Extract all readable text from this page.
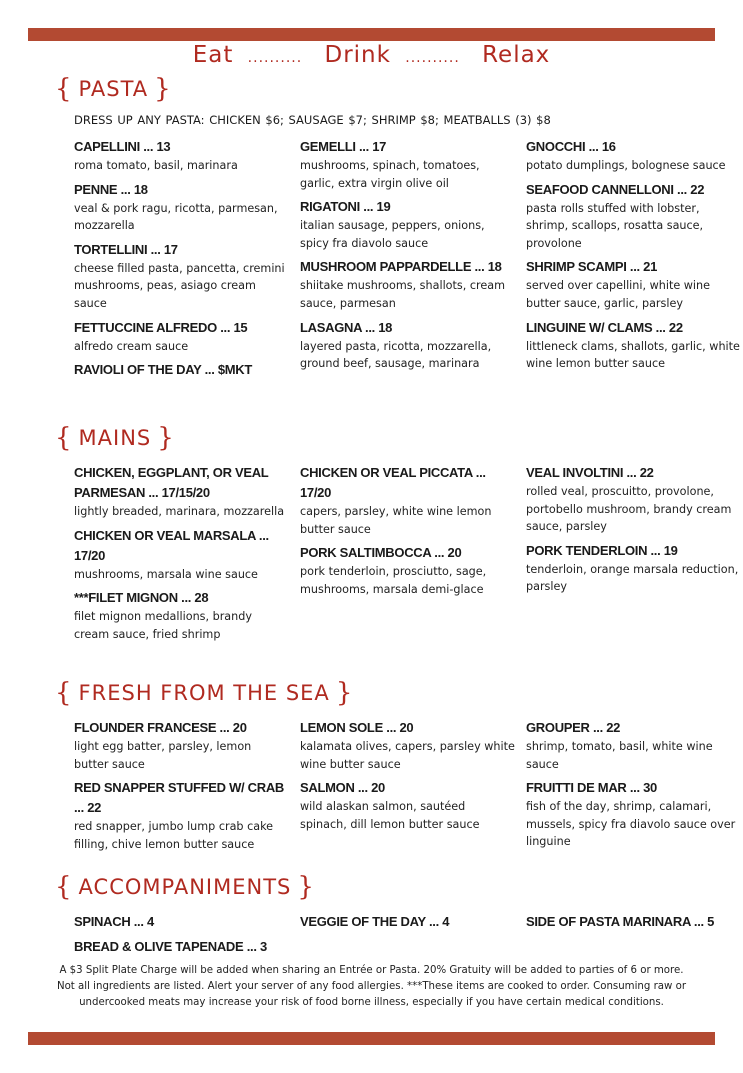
Eat .......... Drink .......... Relax
{ PASTA }
DRESS UP ANY PASTA: CHICKEN $6; SAUSAGE $7; SHRIMP $8; MEATBALLS (3) $8
CAPELLINI ... 13
roma tomato, basil, marinara
PENNE ... 18
veal & pork ragu, ricotta, parmesan, mozzarella
TORTELLINI ... 17
cheese filled pasta, pancetta, cremini mushrooms, peas, asiago cream sauce
FETTUCCINE ALFREDO ... 15
alfredo cream sauce
RAVIOLI OF THE DAY ... $MKT
GEMELLI ... 17
mushrooms, spinach, tomatoes, garlic, extra virgin olive oil
RIGATONI ... 19
italian sausage, peppers, onions, spicy fra diavolo sauce
MUSHROOM PAPPARDELLE ... 18
shiitake mushrooms, shallots, cream sauce, parmesan
LASAGNA ... 18
layered pasta, ricotta, mozzarella, ground beef, sausage, marinara
GNOCCHI ... 16
potato dumplings, bolognese sauce
SEAFOOD CANNELLONI ... 22
pasta rolls stuffed with lobster, shrimp, scallops, rosatta sauce, provolone
SHRIMP SCAMPI ... 21
served over capellini, white wine butter sauce, garlic, parsley
LINGUINE W/ CLAMS ... 22
littleneck clams, shallots, garlic, white wine lemon butter sauce
{ MAINS }
CHICKEN, EGGPLANT, OR VEAL PARMESAN ... 17/15/20
lightly breaded, marinara, mozzarella
CHICKEN OR VEAL MARSALA ... 17/20
mushrooms, marsala wine sauce
***FILET MIGNON ... 28
filet mignon medallions, brandy cream sauce, fried shrimp
CHICKEN OR VEAL PICCATA ... 17/20
capers, parsley, white wine lemon butter sauce
PORK SALTIMBOCCA ... 20
pork tenderloin, prosciutto, sage, mushrooms, marsala demi-glace
VEAL INVOLTINI ... 22
rolled veal, proscuitto, provolone, portobello mushroom, brandy cream sauce, parsley
PORK TENDERLOIN ... 19
tenderloin, orange marsala reduction, parsley
{ FRESH FROM THE SEA }
FLOUNDER FRANCESE ... 20
light egg batter, parsley, lemon butter sauce
RED SNAPPER STUFFED W/ CRAB ... 22
red snapper, jumbo lump crab cake filling, chive lemon butter sauce
LEMON SOLE ... 20
kalamata olives, capers, parsley white wine butter sauce
SALMON ... 20
wild alaskan salmon, sautéed spinach, dill lemon butter sauce
GROUPER ... 22
shrimp, tomato, basil, white wine sauce
FRUITTI DE MAR ... 30
fish of the day, shrimp, calamari, mussels, spicy fra diavolo sauce over linguine
{ ACCOMPANIMENTS }
SPINACH ... 4
BREAD & OLIVE TAPENADE ... 3
VEGGIE OF THE DAY ... 4	SIDE OF PASTA MARINARA ... 5
A $3 Split Plate Charge will be added when sharing an Entrée or Pasta. 20% Gratuity will be added to parties of 6 or more. Not all ingredients are listed. Alert your server of any food allergies. ***These items are cooked to order. Consuming raw or undercooked meats may increase your risk of food borne illness, especially if you have certain medical conditions.
